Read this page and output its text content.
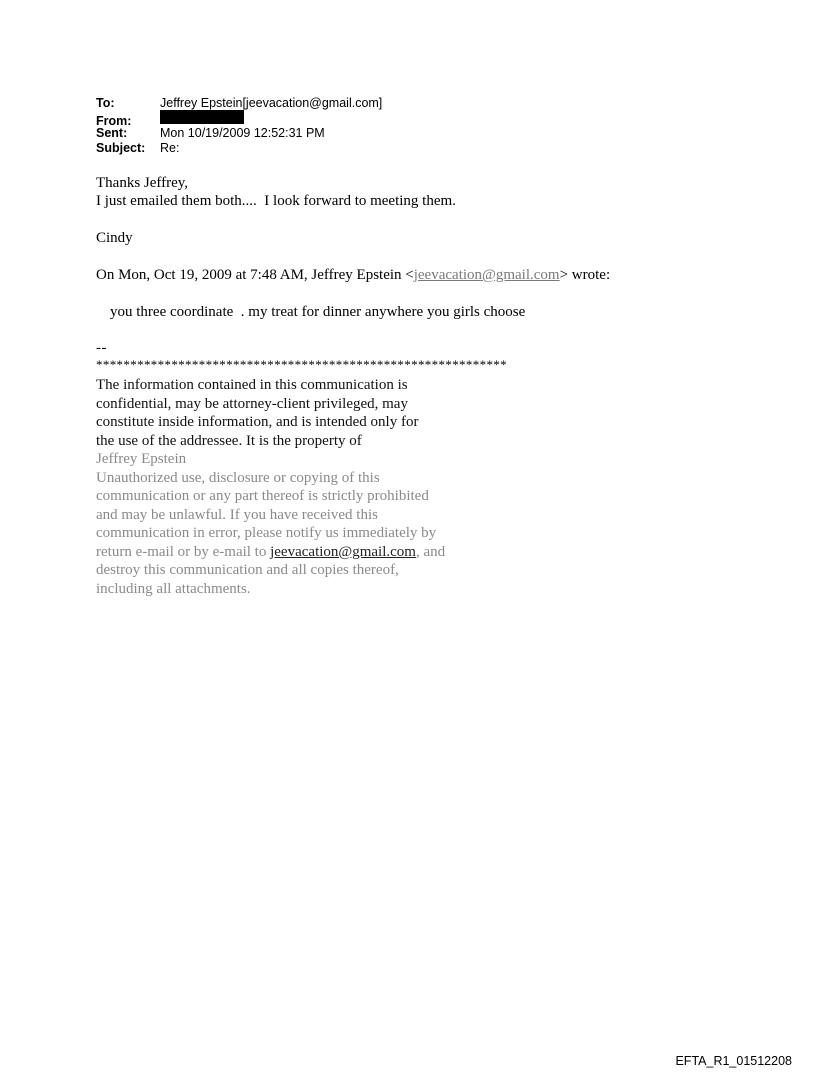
To:	Jeffrey Epstein[jeevacation@gmail.com]
From:
Sent:	Mon 10/19/2009 12:52:31 PM
Subject:	Re:
Thanks Jeffrey,
I just emailed them both....  I look forward to meeting them.
Cindy
On Mon, Oct 19, 2009 at 7:48 AM, Jeffrey Epstein <jeevacation@gmail.com> wrote:
you three coordinate  . my treat for dinner anywhere you girls choose
--
************************************************************
The information contained in this communication is
confidential, may be attorney-client privileged, may
constitute inside information, and is intended only for
the use of the addressee. It is the property of
Jeffrey Epstein
Unauthorized use, disclosure or copying of this
communication or any part thereof is strictly prohibited
and may be unlawful. If you have received this
communication in error, please notify us immediately by
return e-mail or by e-mail to jeevacation@gmail.com, and
destroy this communication and all copies thereof,
including all attachments.
EFTA_R1_01512208
